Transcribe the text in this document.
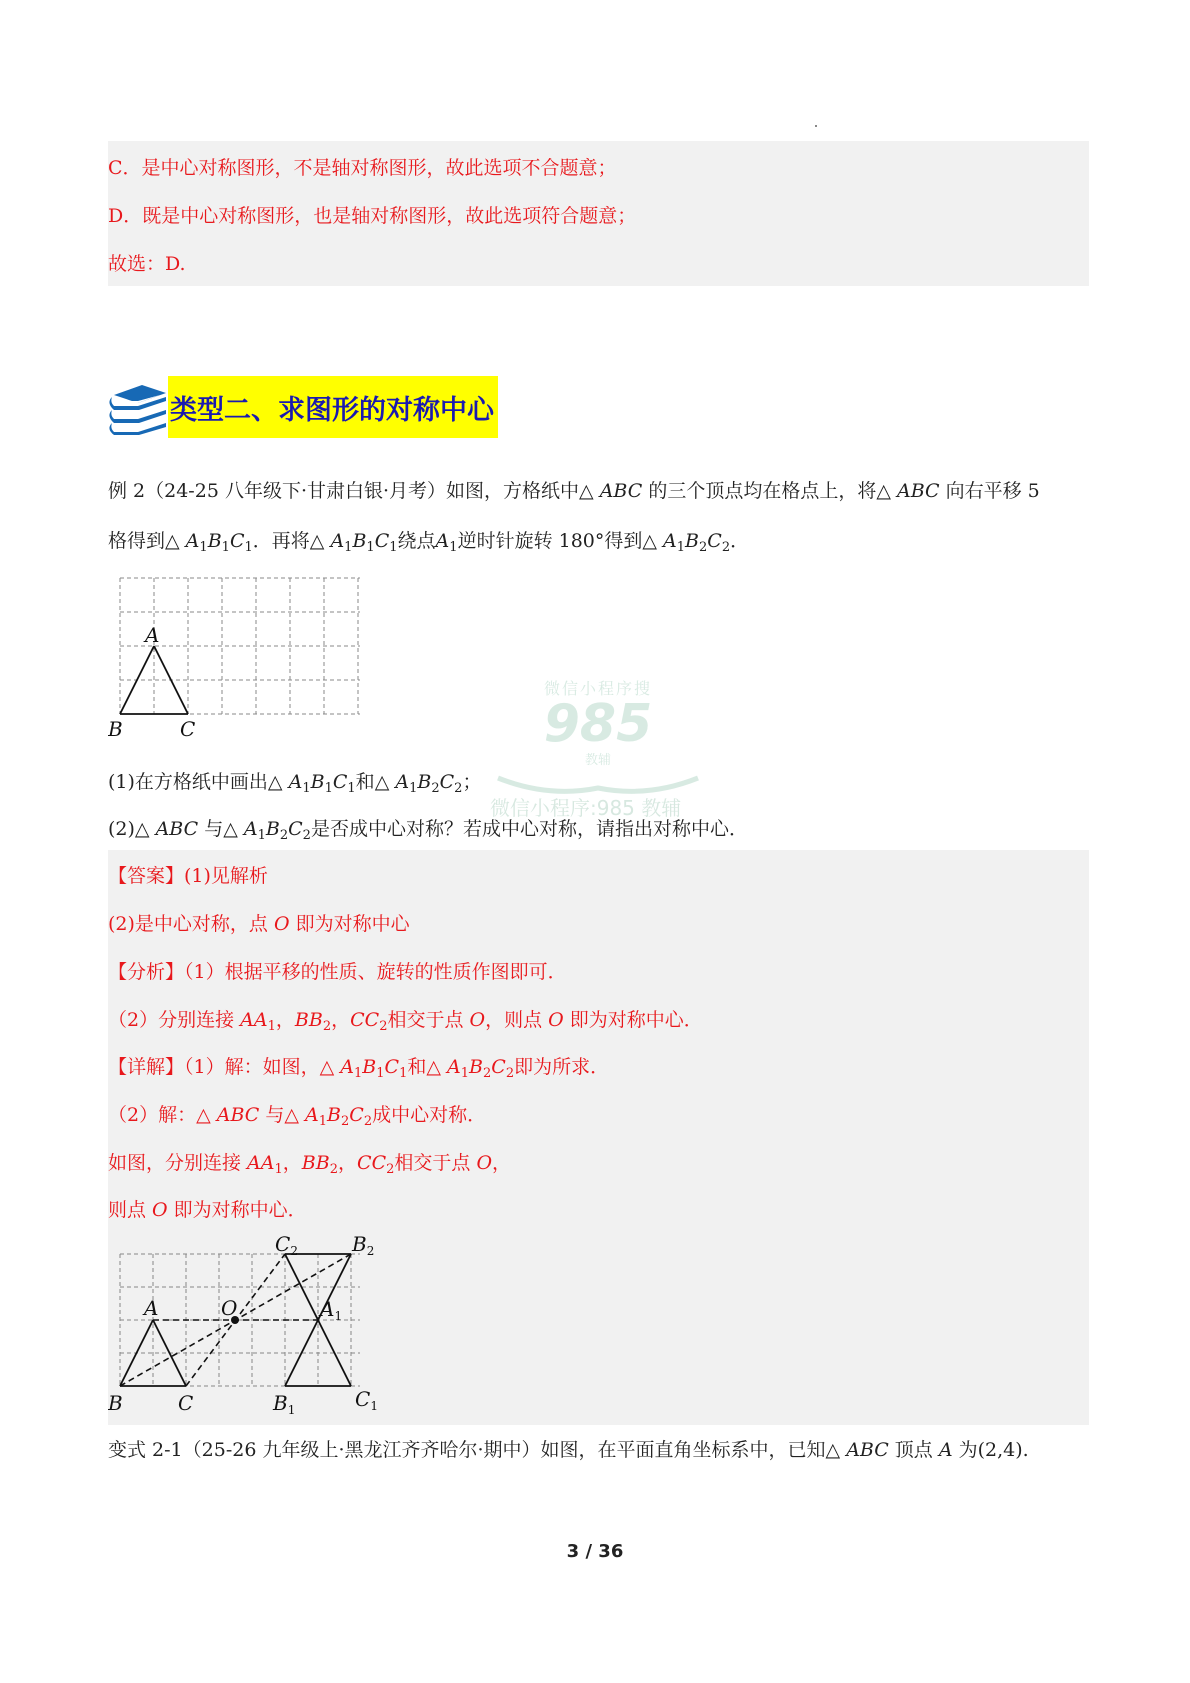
C．是中心对称图形，不是轴对称图形，故此选项不合题意；
D．既是中心对称图形，也是轴对称图形，故此选项符合题意；
故选：D.
类型二、求图形的对称中心
例 2（24-25 八年级下·甘肃白银·月考）如图，方格纸中△ ABC 的三个顶点均在格点上，将△ ABC 向右平移 5
格得到△ $A_1B_1C_1$．再将△ $A_1B_1C_1$绕点$A_1$逆时针旋转 180°得到△ $A_1B_2C_2$．
A
B	C
微信小程序搜
985
教辅
微信小程序:985 教辅
(1)在方格纸中画出△ $A_1B_1C_1$和△ $A_1B_2C_2$；
(2)△ ABC 与△ $A_1B_2C_2$是否成中心对称？若成中心对称，请指出对称中心．
【答案】(1)见解析
(2)是中心对称，点 O 即为对称中心
【分析】（1）根据平移的性质、旋转的性质作图即可．
（2）分别连接 $AA_1$，$BB_2$，$CC_2$相交于点 O，则点 O 即为对称中心．
【详解】（1）解：如图，△ $A_1B_1C_1$和△ $A_1B_2C_2$即为所求．
（2）解：△ ABC 与△ $A_1B_2C_2$成中心对称．
如图，分别连接 $AA_1$，$BB_2$，$CC_2$相交于点 O，
则点 O 即为对称中心．
A	O
B	C
$A_1$
$B_1$	$C_1$
$C_2$	$B_2$
变式 2-1（25-26 九年级上·黑龙江齐齐哈尔·期中）如图，在平面直角坐标系中，已知△ ABC 顶点 A 为(2,4).
3 / 36
